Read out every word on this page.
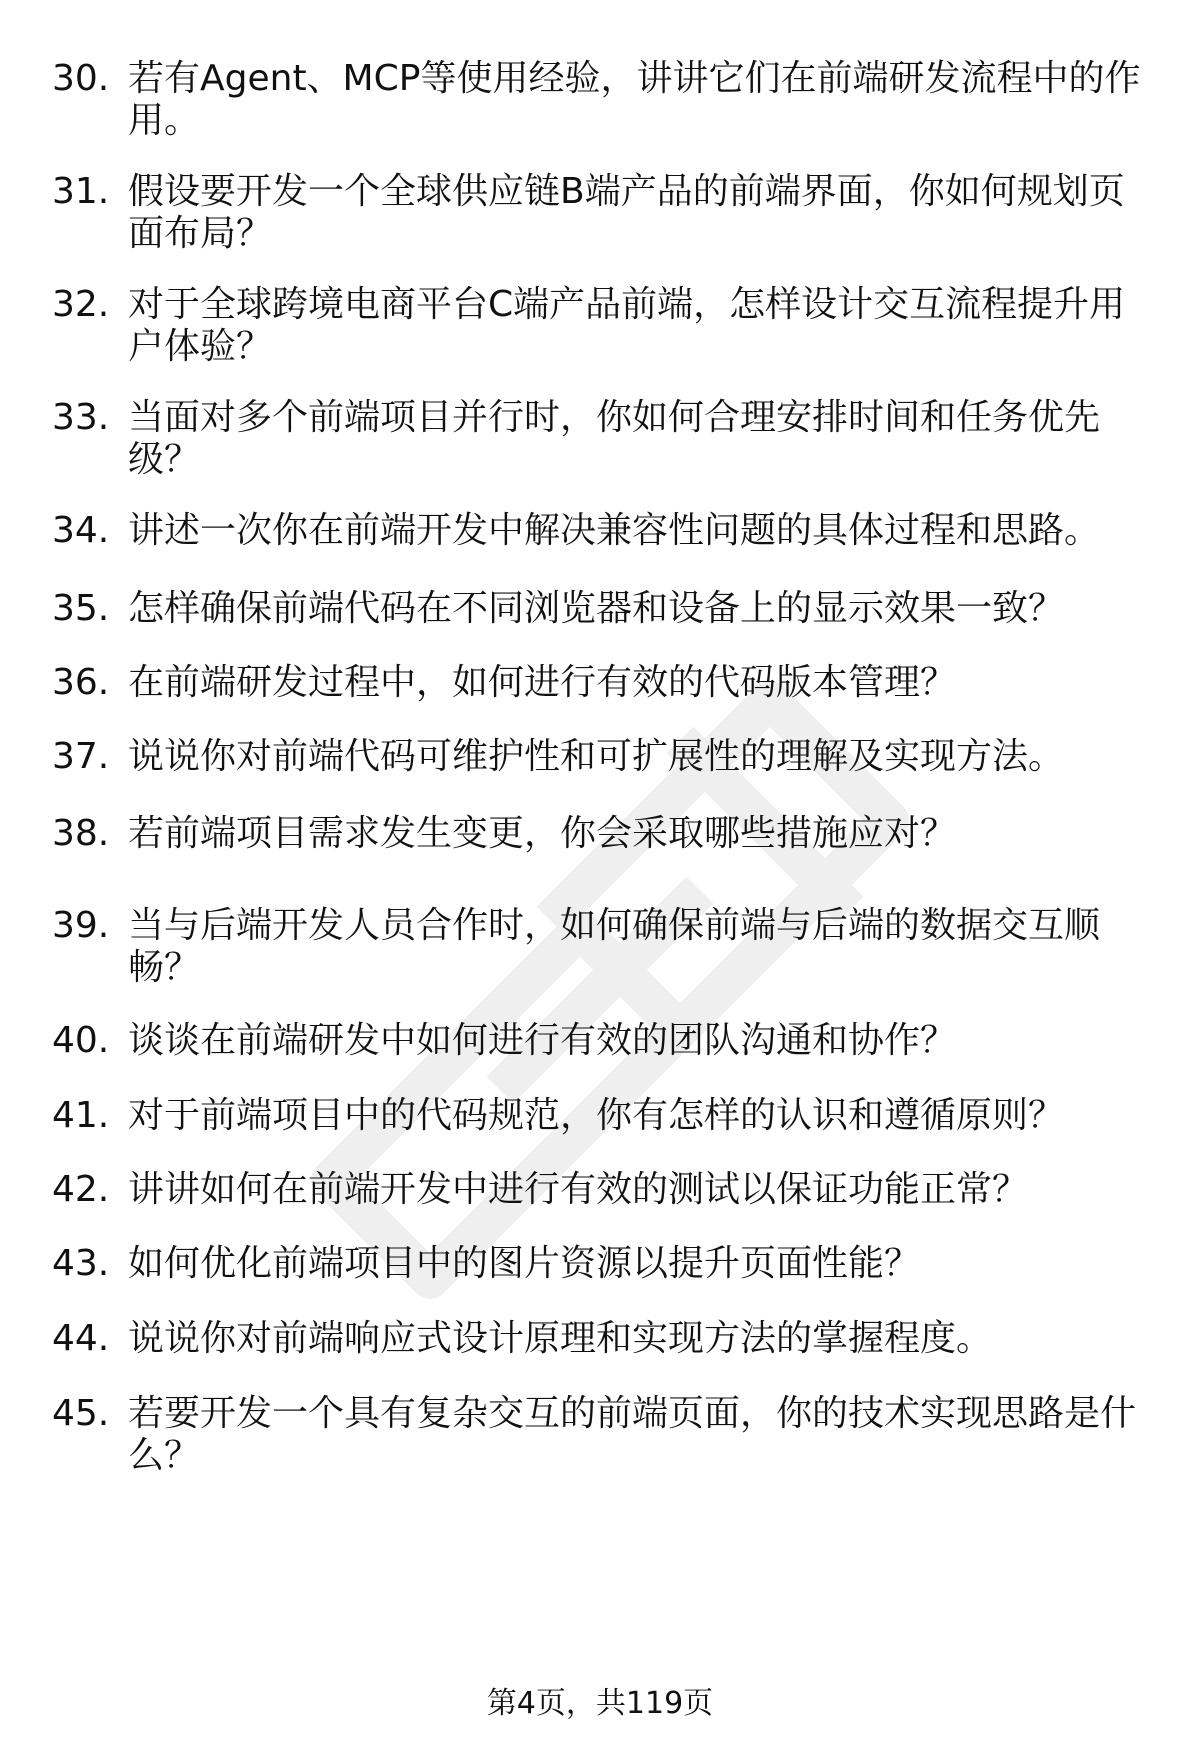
30. 若有Agent、MCP等使用经验，讲讲它们在前端研发流程中的作用。
31. 假设要开发一个全球供应链B端产品的前端界面，你如何规划页面布局？
32. 对于全球跨境电商平台C端产品前端，怎样设计交互流程提升用户体验？
33. 当面对多个前端项目并行时，你如何合理安排时间和任务优先级？
34. 讲述一次你在前端开发中解决兼容性问题的具体过程和思路。
35. 怎样确保前端代码在不同浏览器和设备上的显示效果一致？
36. 在前端研发过程中，如何进行有效的代码版本管理？
37. 说说你对前端代码可维护性和可扩展性的理解及实现方法。
38. 若前端项目需求发生变更，你会采取哪些措施应对？
39. 当与后端开发人员合作时，如何确保前端与后端的数据交互顺畅？
40. 谈谈在前端研发中如何进行有效的团队沟通和协作？
41. 对于前端项目中的代码规范，你有怎样的认识和遵循原则？
42. 讲讲如何在前端开发中进行有效的测试以保证功能正常？
43. 如何优化前端项目中的图片资源以提升页面性能？
44. 说说你对前端响应式设计原理和实现方法的掌握程度。
45. 若要开发一个具有复杂交互的前端页面，你的技术实现思路是什么？
第4页，共119页
